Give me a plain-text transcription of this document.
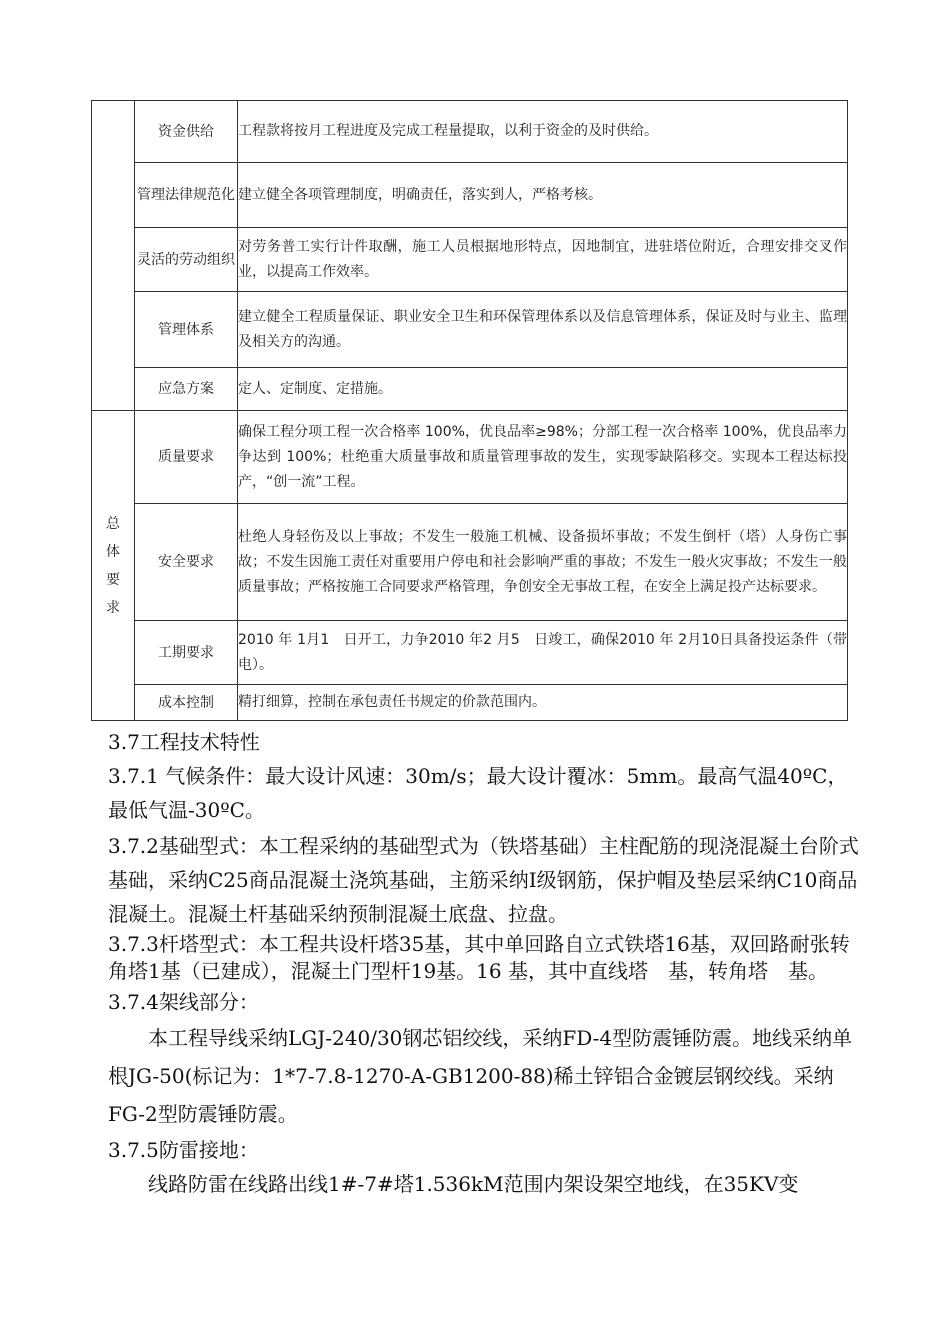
	资金供给	工程款将按月工程进度及完成工程量提取，以利于资金的及时供给。
	管理法律规范化	建立健全各项管理制度，明确责任，落实到人，严格考核。
	灵活的劳动组织	对劳务普工实行计件取酬，施工人员根据地形特点，因地制宜，进驻塔位附近，合理安排交叉作业，以提高工作效率。
	管理体系	建立健全工程质量保证、职业安全卫生和环保管理体系以及信息管理体系，保证及时与业主、监理及相关方的沟通。
	应急方案	定人、定制度、定措施。
总体要求	质量要求	确保工程分项工程一次合格率 100%，优良品率≥98%；分部工程一次合格率 100%，优良品率力争达到 100%；杜绝重大质量事故和质量管理事故的发生，实现零缺陷移交。实现本工程达标投产，“创一流”工程。
	安全要求	杜绝人身轻伤及以上事故；不发生一般施工机械、设备损坏事故；不发生倒杆（塔）人身伤亡事故；不发生因施工责任对重要用户停电和社会影响严重的事故；不发生一般火灾事故；不发生一般质量事故；严格按施工合同要求严格管理，争创安全无事故工程，在安全上满足投产达标要求。
	工期要求	2010 年 1月1　日开工，力争2010 年2 月5　日竣工，确保2010 年 2月10日具备投运条件（带电）。
	成本控制	精打细算，控制在承包责任书规定的价款范围内。

3.7工程技术特性

3.7.1 气候条件：最大设计风速：30m/s；最大设计覆冰：5mm。最高气温40ºC，最低气温-30ºC。

3.7.2基础型式：本工程采纳的基础型式为（铁塔基础）主柱配筋的现浇混凝土台阶式基础，采纳C25商品混凝土浇筑基础，主筋采纳Ⅰ级钢筋，保护帽及垫层采纳C10商品混凝土。混凝土杆基础采纳预制混凝土底盘、拉盘。

3.7.3杆塔型式：本工程共设杆塔35基，其中单回路自立式铁塔16基，双回路耐张转角塔1基（已建成），混凝土门型杆19基。16 基，其中直线塔　基，转角塔　基。

3.7.4架线部分：

本工程导线采纳LGJ-240/30钢芯铝绞线，采纳FD-4型防震锤防震。地线采纳单根JG-50(标记为：1*7-7.8-1270-A-GB1200-88)稀土锌铝合金镀层钢绞线。采纳FG-2型防震锤防震。

3.7.5防雷接地：

线路防雷在线路出线1#-7#塔1.536kM范围内架设架空地线，在35KV变
